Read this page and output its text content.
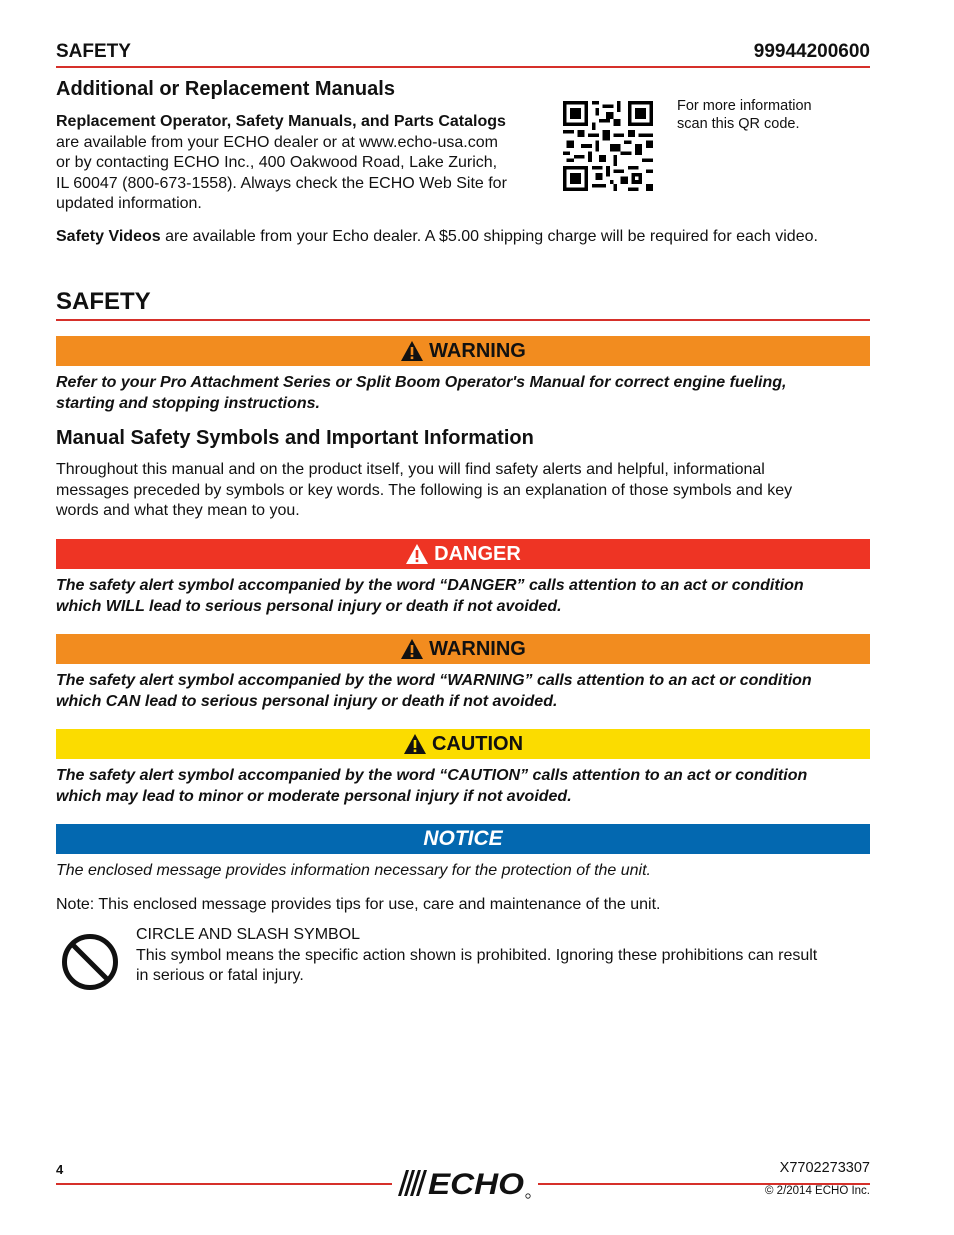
SAFETY	99944200600
Additional or Replacement Manuals
Replacement Operator, Safety Manuals, and Parts Catalogs
are available from your ECHO dealer or at www.echo-usa.com
or by contacting ECHO Inc., 400 Oakwood Road, Lake Zurich,
IL 60047 (800-673-1558). Always check the ECHO Web Site for
updated information.
For more information
scan this QR code.

Safety Videos are available from your Echo dealer. A $5.00 shipping charge will be required for each video.

SAFETY
WARNING
Refer to your Pro Attachment Series or Split Boom Operator's Manual for correct engine fueling,
starting and stopping instructions.
Manual Safety Symbols and Important Information
Throughout this manual and on the product itself, you will find safety alerts and helpful, informational
messages preceded by symbols or key words. The following is an explanation of those symbols and key
words and what they mean to you.
DANGER
The safety alert symbol accompanied by the word “DANGER” calls attention to an act or condition
which WILL lead to serious personal injury or death if not avoided.
WARNING
The safety alert symbol accompanied by the word “WARNING” calls attention to an act or condition
which CAN lead to serious personal injury or death if not avoided.
CAUTION
The safety alert symbol accompanied by the word “CAUTION” calls attention to an act or condition
which may lead to minor or moderate personal injury if not avoided.
NOTICE

The enclosed message provides information necessary for the protection of the unit.

Note: This enclosed message provides tips for use, care and maintenance of the unit.

CIRCLE AND SLASH SYMBOL
This symbol means the specific action shown is prohibited. Ignoring these prohibitions can result
in serious or fatal injury.
4	ECHO	X7702273307
© 2/2014 ECHO Inc.
